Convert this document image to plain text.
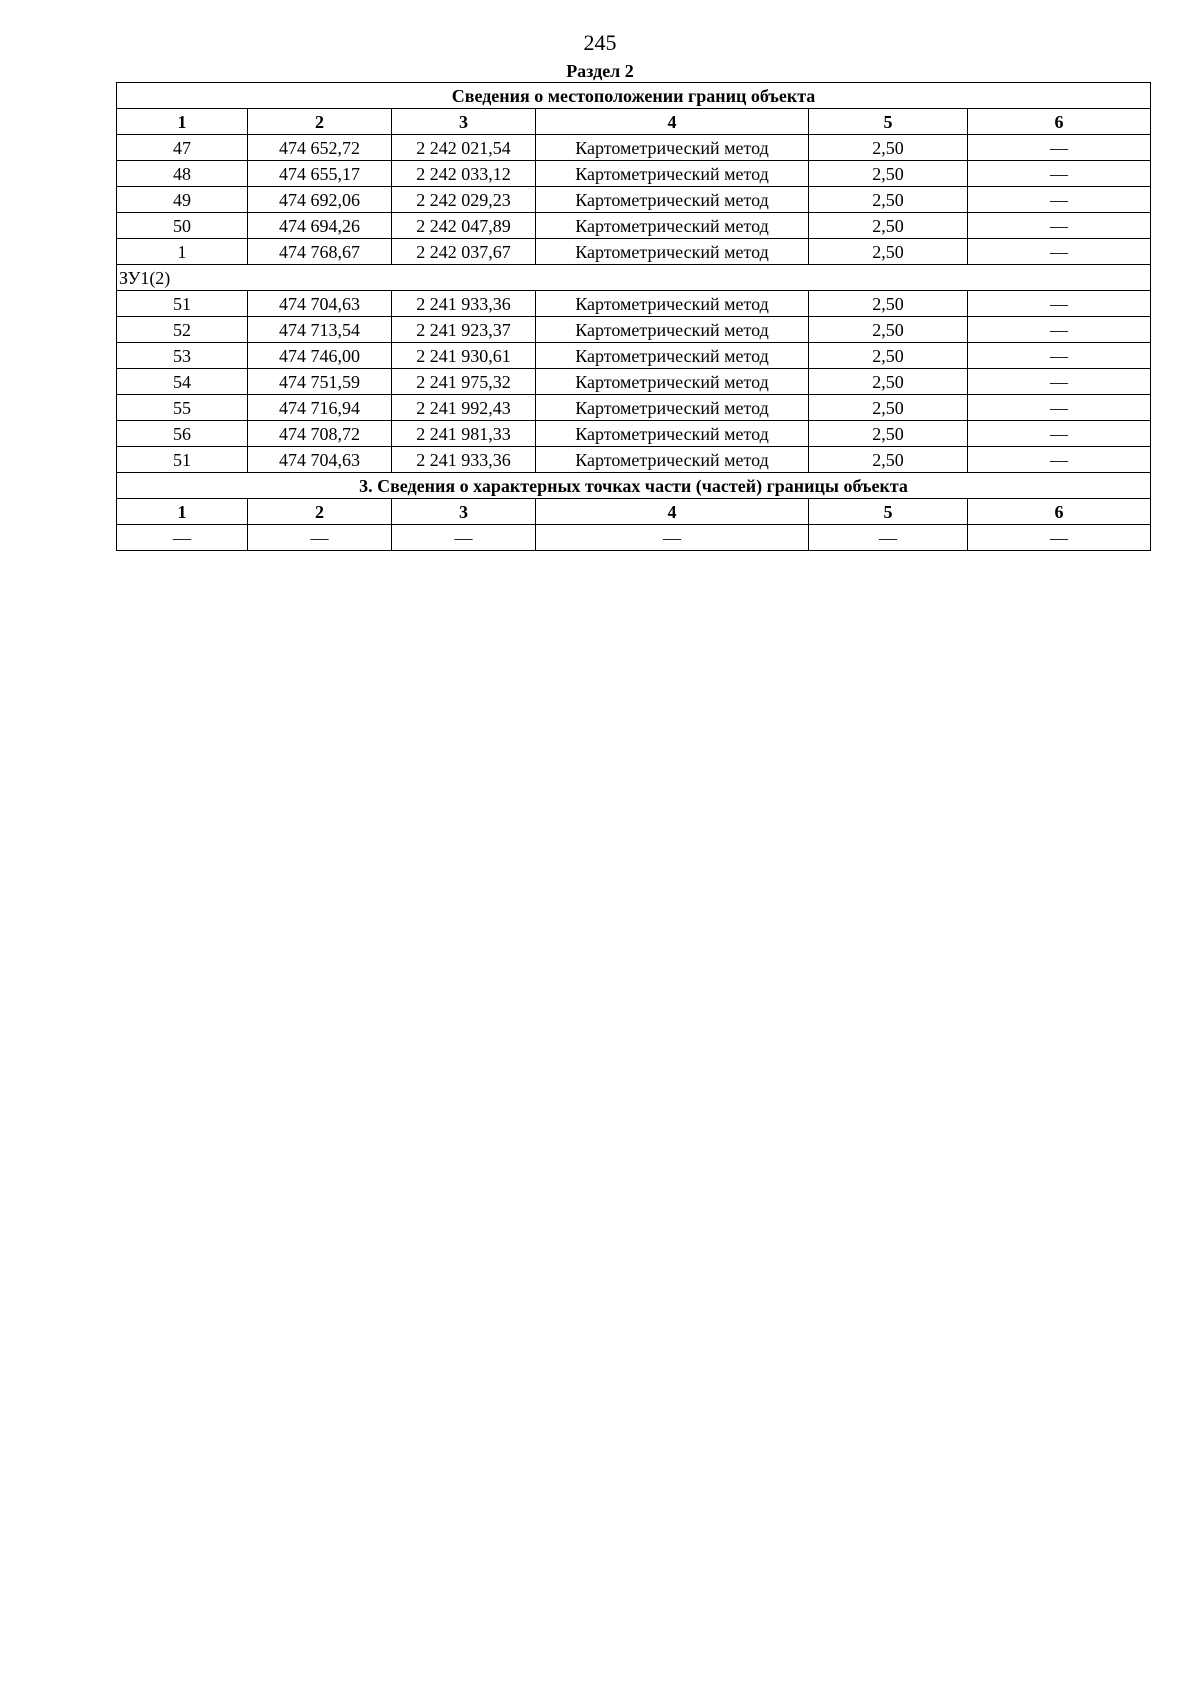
245
Раздел 2
Сведения о местоположении границ объекта					
1	2	3	4	5	6
47	474 652,72	2 242 021,54	Картометрический метод	2,50	—
48	474 655,17	2 242 033,12	Картометрический метод	2,50	—
49	474 692,06	2 242 029,23	Картометрический метод	2,50	—
50	474 694,26	2 242 047,89	Картометрический метод	2,50	—
1	474 768,67	2 242 037,67	Картометрический метод	2,50	—
ЗУ1(2)					
51	474 704,63	2 241 933,36	Картометрический метод	2,50	—
52	474 713,54	2 241 923,37	Картометрический метод	2,50	—
53	474 746,00	2 241 930,61	Картометрический метод	2,50	—
54	474 751,59	2 241 975,32	Картометрический метод	2,50	—
55	474 716,94	2 241 992,43	Картометрический метод	2,50	—
56	474 708,72	2 241 981,33	Картометрический метод	2,50	—
51	474 704,63	2 241 933,36	Картометрический метод	2,50	—
3. Сведения о характерных точках части (частей) границы объекта					
1	2	3	4	5	6
—	—	—	—	—	—
